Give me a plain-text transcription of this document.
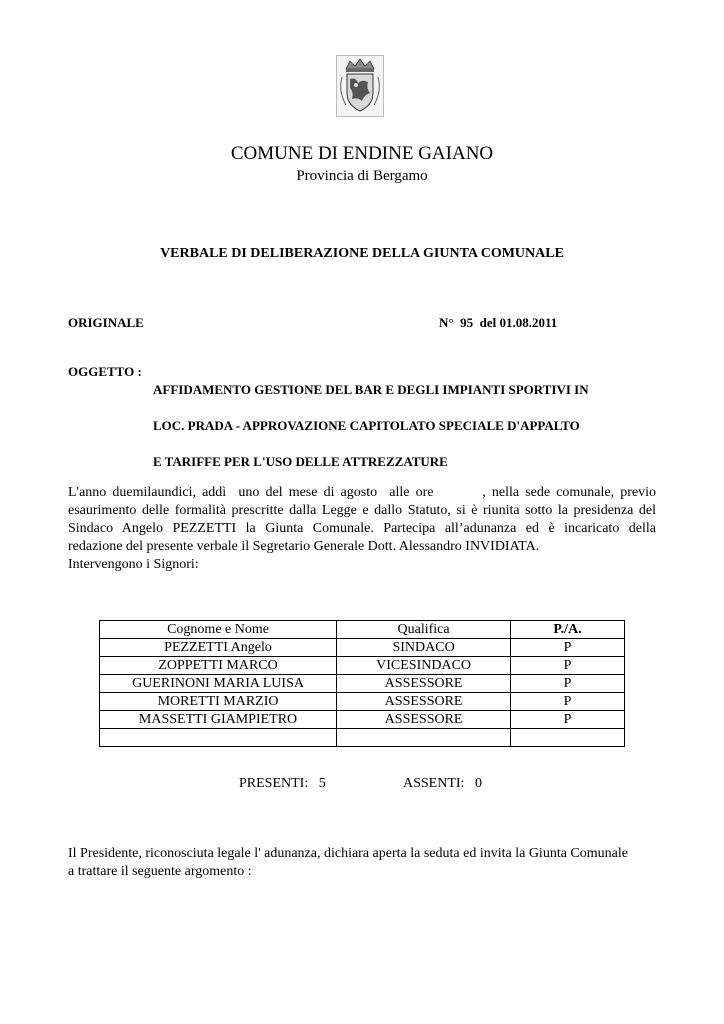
COMUNE DI ENDINE GAIANO
Provincia di Bergamo
VERBALE DI DELIBERAZIONE DELLA GIUNTA COMUNALE
ORIGINALE	N°  95  del 01.08.2011
OGGETTO :

AFFIDAMENTO GESTIONE DEL BAR E DEGLI IMPIANTI SPORTIVI IN

LOC. PRADA - APPROVAZIONE CAPITOLATO SPECIALE D'APPALTO

E TARIFFE PER L'USO DELLE ATTREZZATURE

L'anno duemilaundici, addì  uno del mese di agosto  alle ore        , nella sede comunale, previo
esaurimento delle formalità prescritte dalla Legge e dallo Statuto, si è riunita sotto la presidenza del
Sindaco Angelo PEZZETTI la Giunta Comunale. Partecipa all’adunanza ed è incaricato della
redazione del presente verbale il Segretario Generale Dott. Alessandro INVIDIATA.
Intervengono i Signori:
Cognome e Nome	Qualifica	P./A.
PEZZETTI Angelo	SINDACO	P
ZOPPETTI MARCO	VICESINDACO	P
GUERINONI MARIA LUISA	ASSESSORE	P
MORETTI MARZIO	ASSESSORE	P
MASSETTI GIAMPIETRO	ASSESSORE	P

PRESENTI:   5	ASSENTI:   0
Il Presidente, riconosciuta legale l' adunanza, dichiara aperta la seduta ed invita la Giunta Comunale
a trattare il seguente argomento :
